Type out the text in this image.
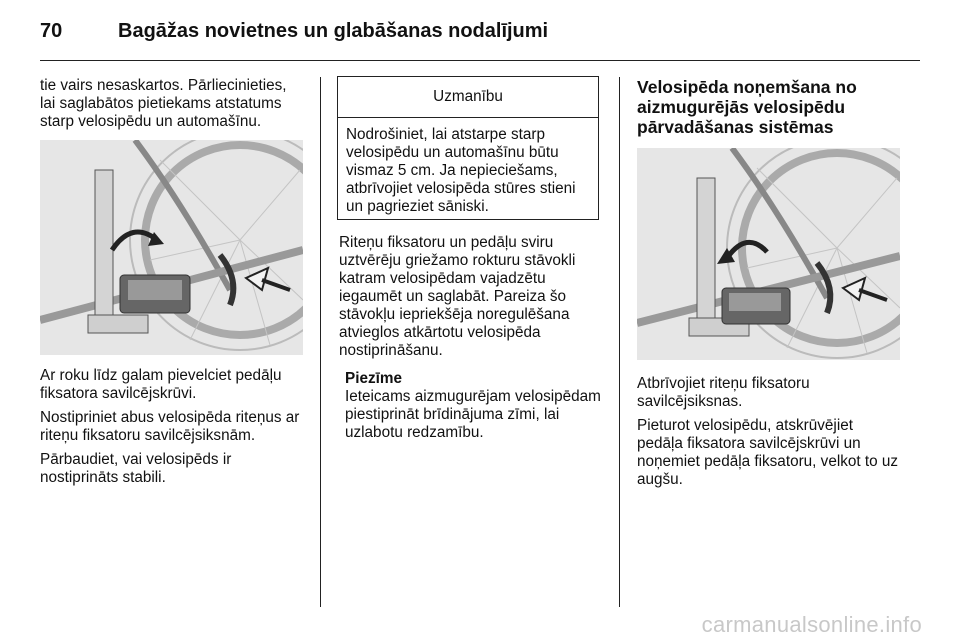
70	Bagāžas novietnes un glabāšanas nodalījumi

tie vairs nesaskartos. Pārliecinieties, lai saglabātos pietiekams atstatums starp velosipēdu un automašīnu.

Ar roku līdz galam pievelciet pedāļu fiksatora savilcējskrūvi.

Nostipriniet abus velosipēda riteņus ar riteņu fiksatoru savilcējsiksnām.

Pārbaudiet, vai velosipēds ir nostiprināts stabili.

Uzmanību
Nodrošiniet, lai atstarpe starp velosipēdu un automašīnu būtu vismaz 5 cm. Ja nepieciešams, atbrīvojiet velosipēda stūres stieni un pagrieziet sāniski.

Riteņu fiksatoru un pedāļu sviru uztvērēju griežamo rokturu stāvokli katram velosipēdam vajadzētu iegaumēt un saglabāt. Pareiza šo stāvokļu iepriekšēja noregulēšana atvieglos atkārtotu velosipēda nostiprināšanu.

Piezīme

Ieteicams aizmugurējam velosipēdam piestiprināt brīdinājuma zīmi, lai uzlabotu redzamību.

Velosipēda noņemšana no aizmugurējās velosipēdu pārvadāšanas sistēmas

Atbrīvojiet riteņu fiksatoru savilcējsiksnas.

Pieturot velosipēdu, atskrūvējiet pedāļa fiksatora savilcējskrūvi un noņemiet pedāļa fiksatoru, velkot to uz augšu.

carmanualsonline.info
